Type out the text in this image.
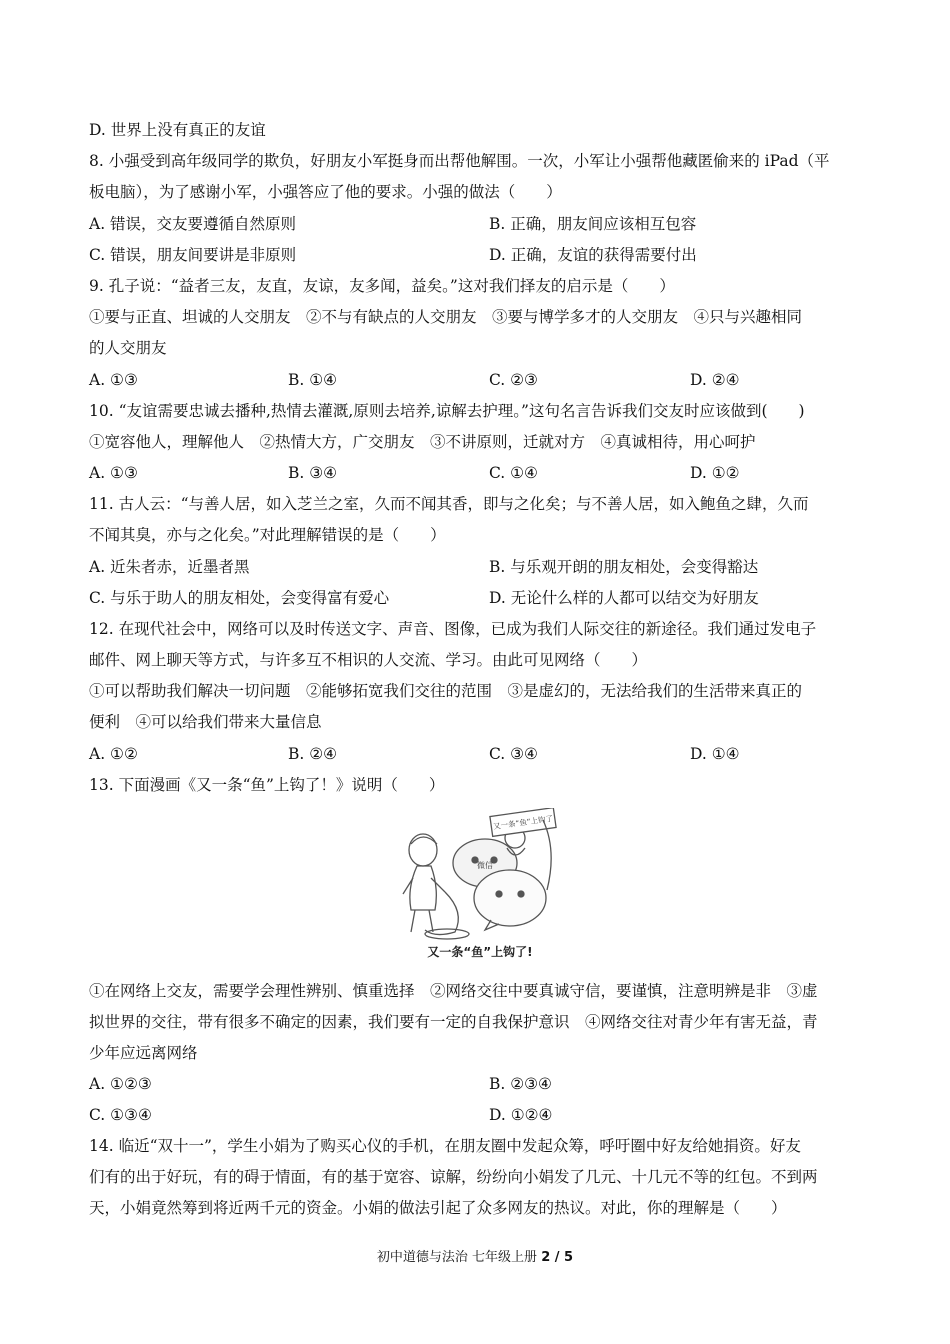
D. 世界上没有真正的友谊
8. 小强受到高年级同学的欺负，好朋友小军挺身而出帮他解围。一次，小军让小强帮他藏匿偷来的 iPad（平
板电脑），为了感谢小军，小强答应了他的要求。小强的做法（　　）
A. 错误，交友要遵循自然原则	B. 正确，朋友间应该相互包容
C. 错误，朋友间要讲是非原则	D. 正确，友谊的获得需要付出
9. 孔子说：“益者三友，友直，友谅，友多闻，益矣。”这对我们择友的启示是（　　）
①要与正直、坦诚的人交朋友　②不与有缺点的人交朋友　③要与博学多才的人交朋友　④只与兴趣相同
的人交朋友
A. ①③	B. ①④	C. ②③	D. ②④
10. “友谊需要忠诚去播种,热情去灌溉,原则去培养,谅解去护理。”这句名言告诉我们交友时应该做到(　　)
①宽容他人，理解他人　②热情大方，广交朋友　③不讲原则，迁就对方　④真诚相待，用心呵护
A. ①③	B. ③④	C. ①④	D. ①②
11. 古人云：“与善人居，如入芝兰之室，久而不闻其香，即与之化矣；与不善人居，如入鲍鱼之肆，久而
不闻其臭，亦与之化矣。”对此理解错误的是（　　）
A. 近朱者赤，近墨者黑	B. 与乐观开朗的朋友相处，会变得豁达
C. 与乐于助人的朋友相处，会变得富有爱心	D. 无论什么样的人都可以结交为好朋友
12. 在现代社会中，网络可以及时传送文字、声音、图像，已成为我们人际交往的新途径。我们通过发电子
邮件、网上聊天等方式，与许多互不相识的人交流、学习。由此可见网络（　　）
①可以帮助我们解决一切问题　②能够拓宽我们交往的范围　③是虚幻的，无法给我们的生活带来真正的
便利　④可以给我们带来大量信息
A. ①②	B. ②④	C. ③④	D. ①④
13. 下面漫画《又一条“鱼”上钩了！》说明（　　）
又一条“鱼”上钩了
微信
又一条“鱼”上钩了!
①在网络上交友，需要学会理性辨别、慎重选择　②网络交往中要真诚守信，要谨慎，注意明辨是非　③虚
拟世界的交往，带有很多不确定的因素，我们要有一定的自我保护意识　④网络交往对青少年有害无益，青
少年应远离网络
A. ①②③	B. ②③④
C. ①③④	D. ①②④
14. 临近“双十一”，学生小娟为了购买心仪的手机，在朋友圈中发起众筹，呼吁圈中好友给她捐资。好友
们有的出于好玩，有的碍于情面，有的基于宽容、谅解，纷纷向小娟发了几元、十几元不等的红包。不到两
天，小娟竟然筹到将近两千元的资金。小娟的做法引起了众多网友的热议。对此，你的理解是（　　）
初中道德与法治 七年级上册 2 / 5
